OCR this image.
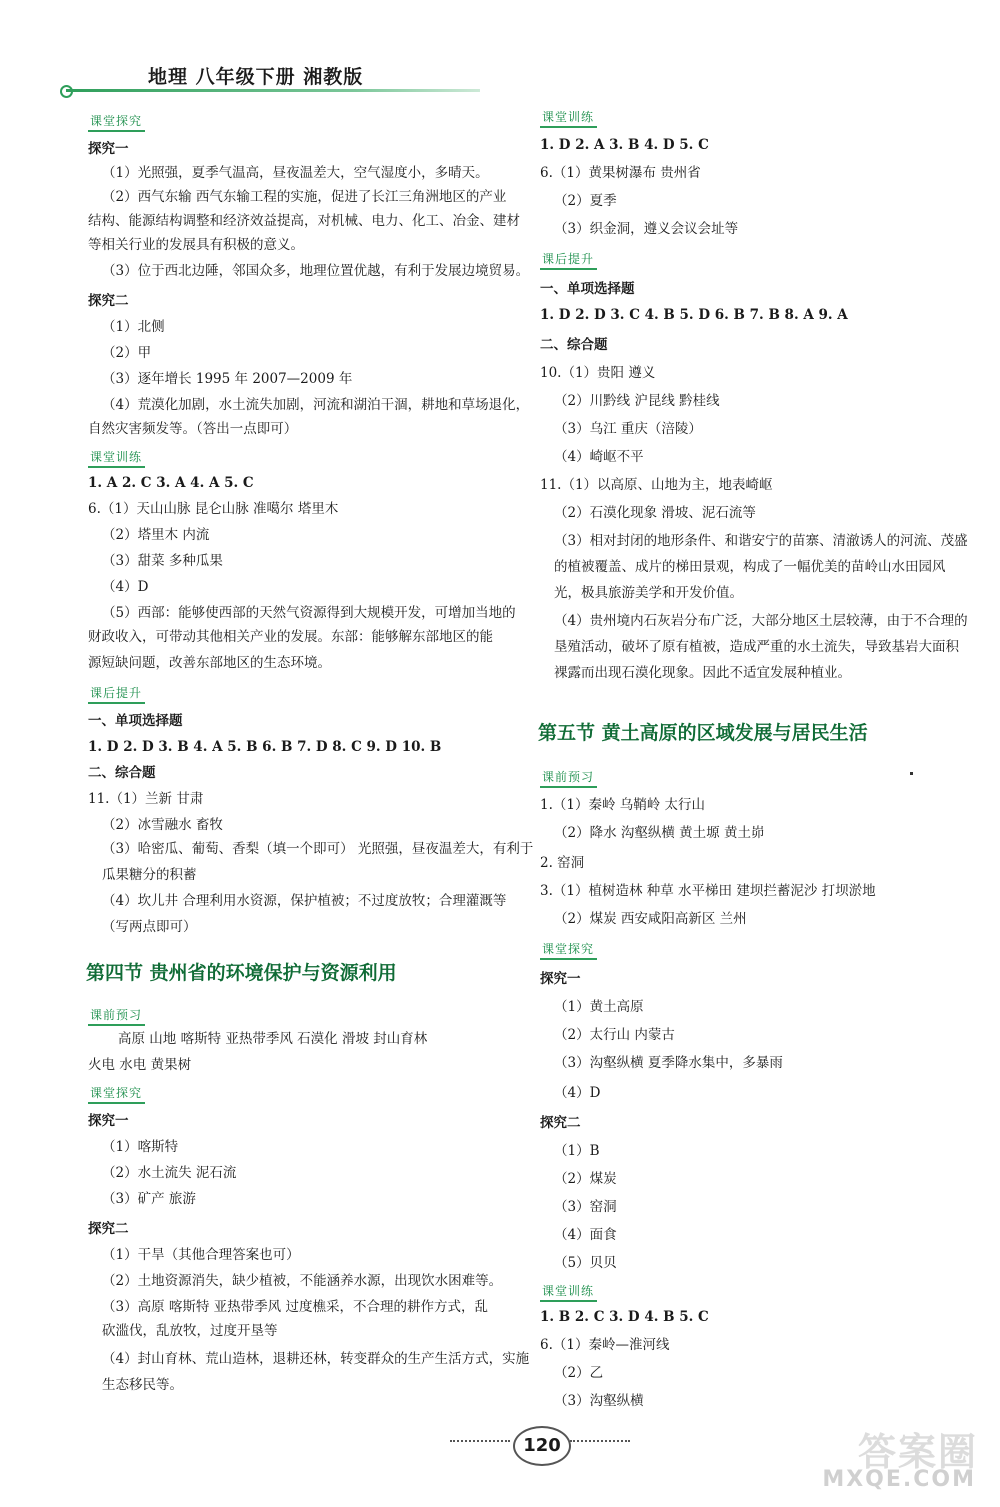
地理 八年级下册 湘教版
课堂探究
探究一
（1）光照强，夏季气温高，昼夜温差大，空气湿度小，多晴天。
（2）西气东输 西气东输工程的实施，促进了长江三角洲地区的产业
结构、能源结构调整和经济效益提高，对机械、电力、化工、冶金、建材
等相关行业的发展具有积极的意义。
（3）位于西北边陲，邻国众多，地理位置优越，有利于发展边境贸易。
探究二
（1）北侧
（2）甲
（3）逐年增长 1995 年 2007—2009 年
（4）荒漠化加剧，水土流失加剧，河流和湖泊干涸，耕地和草场退化，
自然灾害频发等。（答出一点即可）
课堂训练
1. A 2. C 3. A 4. A 5. C
6.（1）天山山脉 昆仑山脉 准噶尔 塔里木
（2）塔里木 内流
（3）甜菜 多种瓜果
（4）D
（5）西部：能够使西部的天然气资源得到大规模开发，可增加当地的
财政收入，可带动其他相关产业的发展。东部：能够解东部地区的能
源短缺问题，改善东部地区的生态环境。
课后提升
一、单项选择题
1. D 2. D 3. B 4. A 5. B 6. B 7. D 8. C 9. D 10. B
二、综合题
11.（1）兰新 甘肃
（2）冰雪融水 畜牧
（3）哈密瓜、葡萄、香梨（填一个即可） 光照强，昼夜温差大，有利于
瓜果糖分的积蓄
（4）坎儿井 合理利用水资源，保护植被；不过度放牧；合理灌溉等
（写两点即可）
第四节 贵州省的环境保护与资源利用
课前预习
高原 山地 喀斯特 亚热带季风 石漠化 滑坡 封山育林
火电 水电 黄果树
课堂探究
探究一
（1）喀斯特
（2）水土流失 泥石流
（3）矿产 旅游
探究二
（1）干旱（其他合理答案也可）
（2）土地资源消失，缺少植被，不能涵养水源，出现饮水困难等。
（3）高原 喀斯特 亚热带季风 过度樵采，不合理的耕作方式，乱
砍滥伐，乱放牧，过度开垦等
（4）封山育林、荒山造林，退耕还林，转变群众的生产生活方式，实施
生态移民等。
课堂训练
1. D 2. A 3. B 4. D 5. C
6.（1）黄果树瀑布 贵州省
（2）夏季
（3）织金洞，遵义会议会址等
课后提升
一、单项选择题
1. D 2. D 3. C 4. B 5. D 6. B 7. B 8. A 9. A
二、综合题
10.（1）贵阳 遵义
（2）川黔线 沪昆线 黔桂线
（3）乌江 重庆（涪陵）
（4）崎岖不平
11.（1）以高原、山地为主，地表崎岖
（2）石漠化现象 滑坡、泥石流等
（3）相对封闭的地形条件、和谐安宁的苗寨、清澈诱人的河流、茂盛
的植被覆盖、成片的梯田景观，构成了一幅优美的苗岭山水田园风
光，极具旅游美学和开发价值。
（4）贵州境内石灰岩分布广泛，大部分地区土层较薄，由于不合理的
垦殖活动，破坏了原有植被，造成严重的水土流失，导致基岩大面积
裸露而出现石漠化现象。因此不适宜发展种植业。
第五节 黄土高原的区域发展与居民生活
课前预习
1.（1）秦岭 乌鞘岭 太行山
（2）降水 沟壑纵横 黄土塬 黄土峁
2. 窑洞
3.（1）植树造林 种草 水平梯田 建坝拦蓄泥沙 打坝淤地
（2）煤炭 西安咸阳高新区 兰州
课堂探究
探究一
（1）黄土高原
（2）太行山 内蒙古
（3）沟壑纵横 夏季降水集中，多暴雨
（4）D
探究二
（1）B
（2）煤炭
（3）窑洞
（4）面食
（5）贝贝
课堂训练
1. B 2. C 3. D 4. B 5. C
6.（1）秦岭—淮河线
（2）乙
（3）沟壑纵横
120	答案圈
MXQE.COM
